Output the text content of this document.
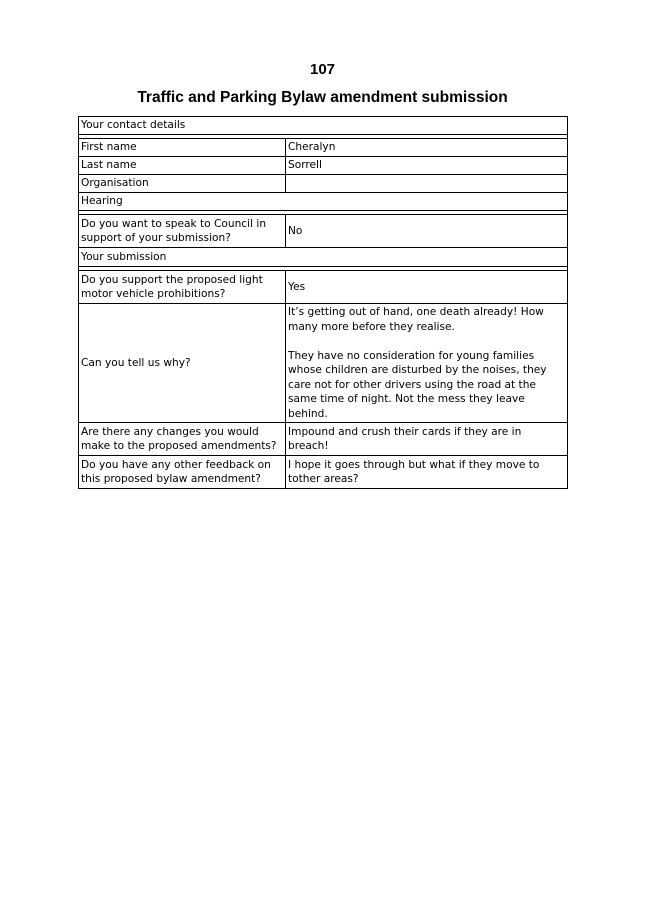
107
Traffic and Parking Bylaw amendment submission
Your contact details	

First name	Cheralyn
Last name	Sorrell
Organisation	
Hearing	

Do you want to speak to Council in support of your submission?	No
Your submission	

Do you support the proposed light motor vehicle prohibitions?	Yes
Can you tell us why?	It’s getting out of hand, one death already! How many more before they realise.
They have no consideration for young families whose children are disturbed by the noises, they care not for other drivers using the road at the same time of night. Not the mess they leave behind.

Are there any changes you would make to the proposed amendments?	Impound and crush their cards if they are in breach!
Do you have any other feedback on this proposed bylaw amendment?	I hope it goes through but what if they move to tother areas?
